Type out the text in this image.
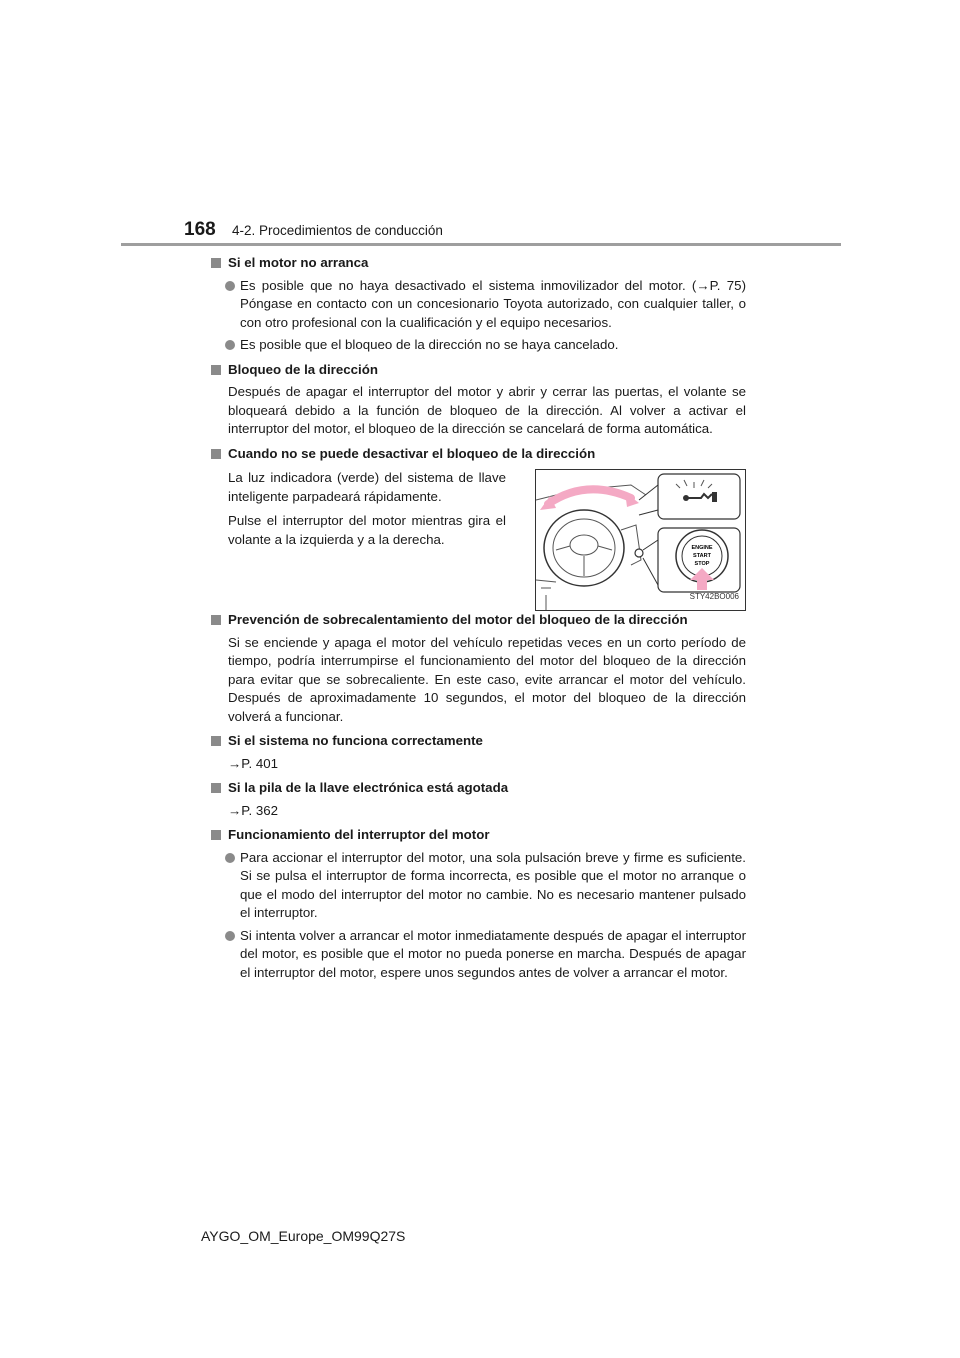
168 4-2. Procedimientos de conducción
Si el motor no arranca
Es posible que no haya desactivado el sistema inmovilizador del motor. (→P. 75) Póngase en contacto con un concesionario Toyota autorizado, con cualquier taller, o con otro profesional con la cualificación y el equipo necesarios.
Es posible que el bloqueo de la dirección no se haya cancelado.
Bloqueo de la dirección
Después de apagar el interruptor del motor y abrir y cerrar las puertas, el volante se bloqueará debido a la función de bloqueo de la dirección. Al volver a activar el interruptor del motor, el bloqueo de la dirección se cancelará de forma automática.
Cuando no se puede desactivar el bloqueo de la dirección
La luz indicadora (verde) del sistema de llave inteligente parpadeará rápidamente.
Pulse el interruptor del motor mientras gira el volante a la izquierda y a la derecha.
ENGINE
START
STOP
STY42BO006
Prevención de sobrecalentamiento del motor del bloqueo de la dirección
Si se enciende y apaga el motor del vehículo repetidas veces en un corto período de tiempo, podría interrumpirse el funcionamiento del motor del bloqueo de la dirección para evitar que se sobrecaliente. En este caso, evite arrancar el motor del vehículo. Después de aproximadamente 10 segundos, el motor del bloqueo de la dirección volverá a funcionar.
Si el sistema no funciona correctamente
→P. 401
Si la pila de la llave electrónica está agotada
→P. 362
Funcionamiento del interruptor del motor
Para accionar el interruptor del motor, una sola pulsación breve y firme es suficiente. Si se pulsa el interruptor de forma incorrecta, es posible que el motor no arranque o que el modo del interruptor del motor no cambie. No es necesario mantener pulsado el interruptor.
Si intenta volver a arrancar el motor inmediatamente después de apagar el interruptor del motor, es posible que el motor no pueda ponerse en marcha. Después de apagar el interruptor del motor, espere unos segundos antes de volver a arrancar el motor.
AYGO_OM_Europe_OM99Q27S
